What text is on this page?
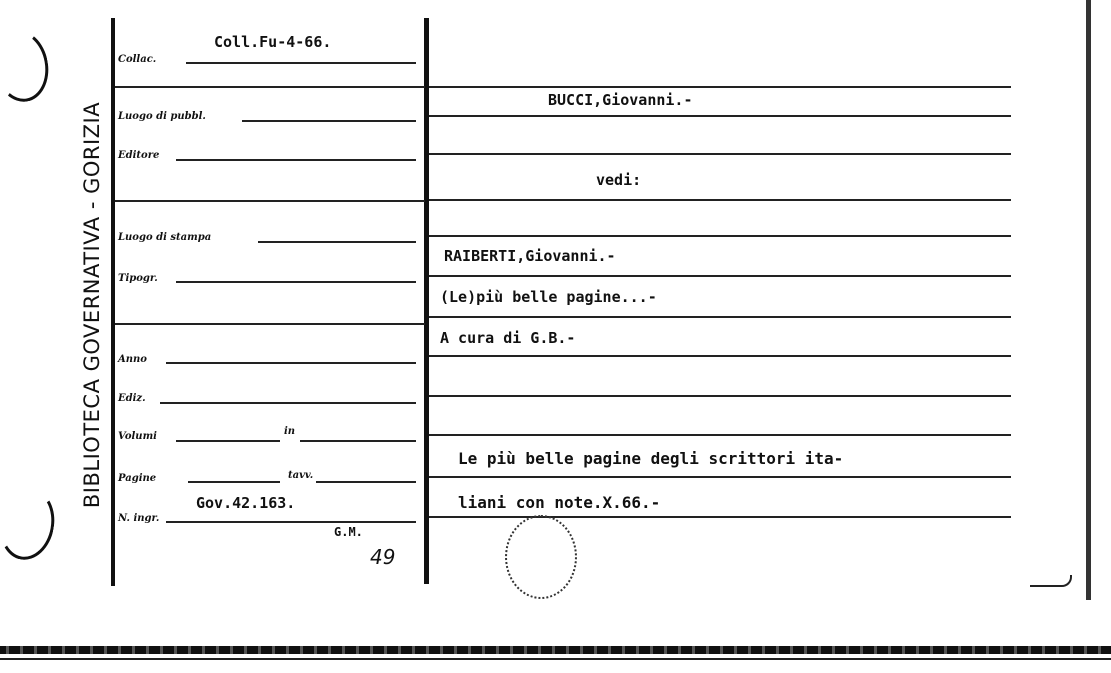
BIBLIOTECA GOVERNATIVA - GORIZIA
Collac.
Coll.Fu-4-66.
Luogo di pubbl.
Editore
Luogo di stampa
Tipogr.
Anno
Ediz.
Volumi	in
Pagine	tavv.
N. ingr.
Gov.42.163.
G.M.
49
BUCCI,Giovanni.-
vedi:
RAIBERTI,Giovanni.-
(Le)più belle pagine...-
A cura di G.B.-
Le più belle pagine degli scrittori ita-
liani con note.X.66.-
